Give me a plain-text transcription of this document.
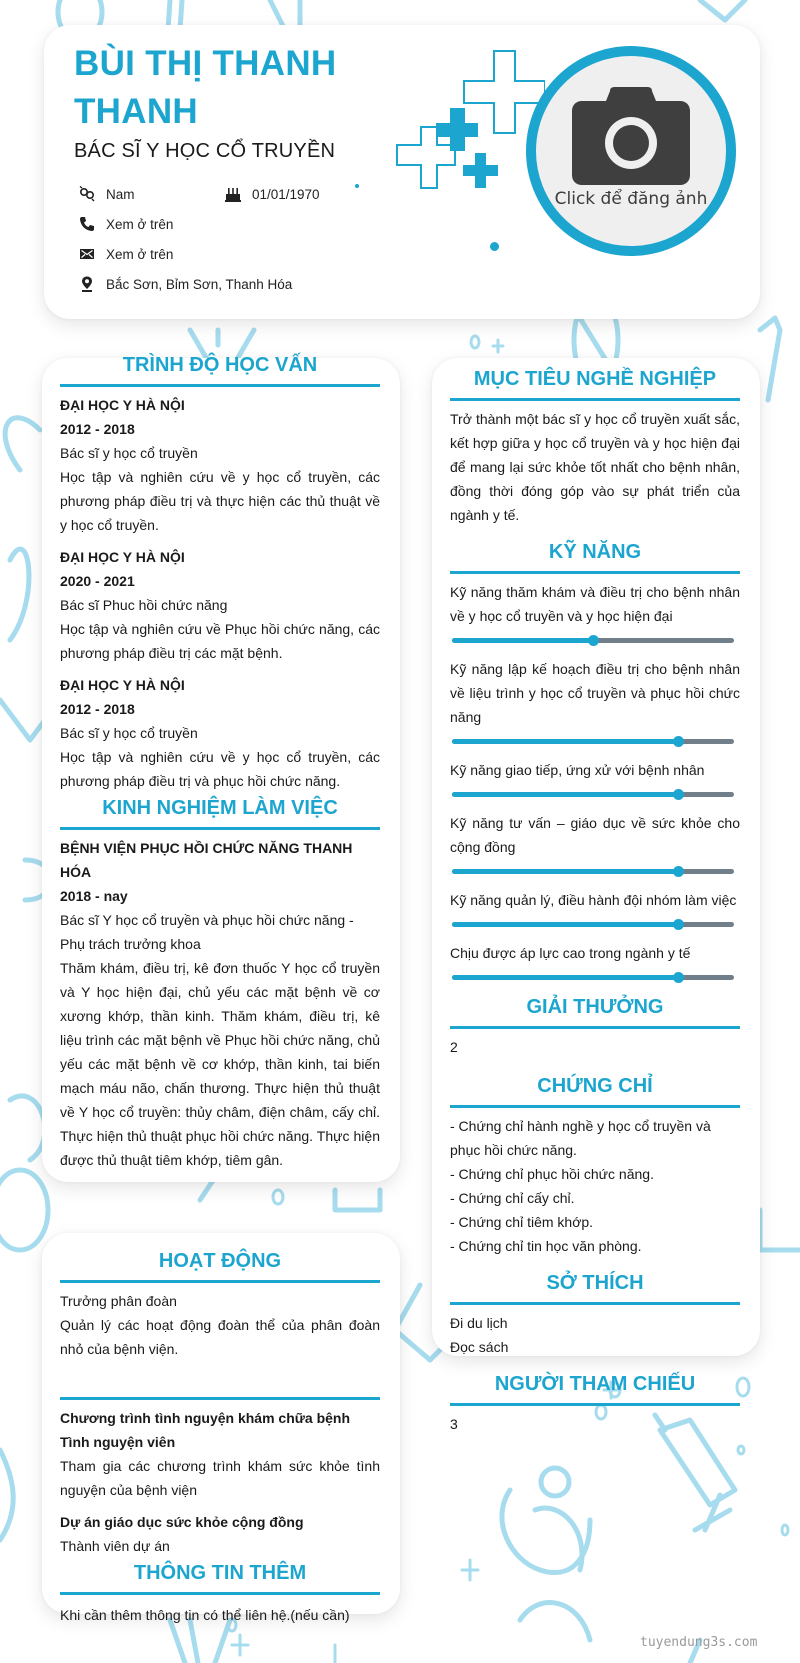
BÙI THỊ THANH THANH
BÁC SĨ Y HỌC CỔ TRUYỀN
Nam	01/01/1970
Xem ở trên
Xem ở trên
Bắc Sơn, Bỉm Sơn, Thanh Hóa
Click để đăng ảnh
TRÌNH ĐỘ HỌC VẤN
ĐẠI HỌC Y HÀ NỘI
2012 - 2018
Bác sĩ y học cổ truyền
Học tập và nghiên cứu về y học cổ truyền, các phương pháp điều trị và thực hiện các thủ thuật về y học cổ truyền.
ĐẠI HỌC Y HÀ NỘI
2020 - 2021
Bác sĩ Phuc hồi chức năng
Học tập và nghiên cứu về Phục hồi chức năng, các phương pháp điều trị các mặt bệnh.
ĐẠI HỌC Y HÀ NỘI
2012 - 2018
Bác sĩ y học cổ truyền
Học tập và nghiên cứu về y học cổ truyền, các phương pháp điều trị và phục hồi chức năng.
KINH NGHIỆM LÀM VIỆC
BỆNH VIỆN PHỤC HỒI CHỨC NĂNG THANH HÓA
2018 - nay
Bác sĩ Y học cổ truyền và phục hồi chức năng - Phụ trách trưởng khoa
Thăm khám, điều trị, kê đơn thuốc Y học cổ truyền và Y học hiện đại, chủ yếu các mặt bệnh về cơ xương khớp, thần kinh. Thăm khám, điều trị, kê liệu trình các mặt bệnh về Phục hồi chức năng, chủ yếu các mặt bệnh về cơ khớp, thần kinh, tai biến mạch máu não, chấn thương. Thực hiện thủ thuật về Y học cổ truyền: thủy châm, điện châm, cấy chỉ. Thực hiện thủ thuật phục hồi chức năng. Thực hiện được thủ thuật tiêm khớp, tiêm gân.
HOẠT ĐỘNG
Trưởng phân đoàn
Quản lý các hoạt động đoàn thể của phân đoàn nhỏ của bệnh viện.
Chương trình tình nguyện khám chữa bệnh
Tình nguyện viên
Tham gia các chương trình khám sức khỏe tình nguyện của bệnh viện
Dự án giáo dục sức khỏe cộng đồng
Thành viên dự án
THÔNG TIN THÊM
Khi cần thêm thông tin có thể liên hệ.(nếu cần)
MỤC TIÊU NGHỀ NGHIỆP
Trở thành một bác sĩ y học cổ truyền xuất sắc, kết hợp giữa y học cổ truyền và y học hiện đại để mang lại sức khỏe tốt nhất cho bệnh nhân, đồng thời đóng góp vào sự phát triển của ngành y tế.
KỸ NĂNG
Kỹ năng thăm khám và điều trị cho bệnh nhân về y học cổ truyền và y học hiện đại
Kỹ năng lập kế hoạch điều trị cho bệnh nhân về liệu trình y học cổ truyền và phục hồi chức năng
Kỹ năng giao tiếp, ứng xử với bệnh nhân
Kỹ năng tư vấn – giáo dục về sức khỏe cho cộng đồng
Kỹ năng quản lý, điều hành đội nhóm làm việc
Chịu được áp lực cao trong ngành y tế
GIẢI THƯỞNG
2
CHỨNG CHỈ
- Chứng chỉ hành nghề y học cổ truyền và phục hồi chức năng.
- Chứng chỉ phục hồi chức năng.
- Chứng chỉ cấy chỉ.
- Chứng chỉ tiêm khớp.
- Chứng chỉ tin học văn phòng.
SỞ THÍCH
Đi du lịch
Đọc sách
NGƯỜI THAM CHIẾU
3
tuyendung3s.com
